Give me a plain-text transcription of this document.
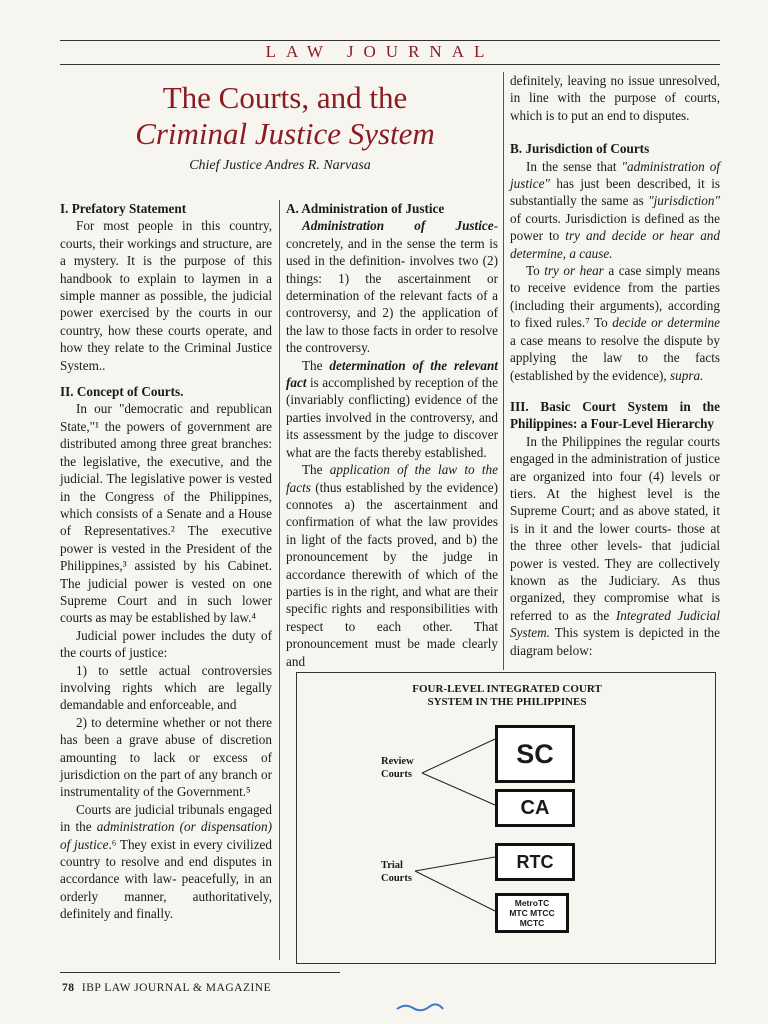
LAW JOURNAL
The Courts, and the
Criminal Justice System
Chief Justice Andres R. Narvasa
I. Prefatory Statement

For most people in this country, courts, their workings and structure, are a mystery. It is the purpose of this handbook to explain to laymen in a simple manner as possible, the judicial power exercised by the courts in our country, how these courts operate, and how they relate to the Criminal Justice System..

II. Concept of Courts.

In our "democratic and republican State,"¹ the powers of government are distributed among three great branches: the legislative, the executive, and the judicial. The legislative power is vested in the Congress of the Philippines, which consists of a Senate and a House of Representatives.² The executive power is vested in the President of the Philippines,³ assisted by his Cabinet. The judicial power is vested on one Supreme Court and in such lower courts as may be established by law.⁴

Judicial power includes the duty of the courts of justice:

1) to settle actual controversies involving rights which are legally demandable and enforceable, and

2) to determine whether or not there has been a grave abuse of discretion amounting to lack or excess of jurisdiction on the part of any branch or instrumentality of the Government.⁵

Courts are judicial tribunals engaged in the administration (or dispensation) of justice.⁶ They exist in every civilized country to resolve and end disputes in accordance with law- peacefully, in an orderly manner, authoritatively, definitely and finally.

A. Administration of Justice

Administration of Justice- concretely, and in the sense the term is used in the definition- involves two (2) things: 1) the ascertainment or determination of the relevant facts of a controversy, and 2) the application of the law to those facts in order to resolve the controversy.

The determination of the relevant fact is accomplished by reception of the (invariably conflicting) evidence of the parties involved in the controversy, and its assessment by the judge to discover what are the facts thereby established.

The application of the law to the facts (thus established by the evidence) connotes a) the ascertainment and confirmation of what the law provides in light of the facts proved, and b) the pronouncement by the judge in accordance therewith of which of the parties is in the right, and what are their specific rights and responsibilities with respect to each other. That pronouncement must be made clearly and

definitely, leaving no issue unresolved, in line with the purpose of courts, which is to put an end to disputes.

B. Jurisdiction of Courts

In the sense that "administration of justice" has just been described, it is substantially the same as "jurisdiction" of courts. Jurisdiction is defined as the power to try and decide or hear and determine, a cause.

To try or hear a case simply means to receive evidence from the parties (including their arguments), according to fixed rules.⁷ To decide or determine a case means to resolve the dispute by applying the law to the facts (established by the evidence), supra.

III. Basic Court System in the Philippines: a Four-Level Hierarchy

In the Philippines the regular courts engaged in the administration of justice are organized into four (4) levels or tiers. At the highest level is the Supreme Court; and as above stated, it is in it and the lower courts- those at the three other levels- that judicial power is vested. They are collectively known as the Judiciary. As thus organized, they compromise what is referred to as the Integrated Judicial System. This system is depicted in the diagram below:

FOUR-LEVEL INTEGRATED COURT
SYSTEM IN THE PHILIPPINES
Review
Courts
Trial
Courts
SC
CA
RTC
MetroTC
MTC MTCC
MCTC
78 IBP LAW JOURNAL & MAGAZINE
